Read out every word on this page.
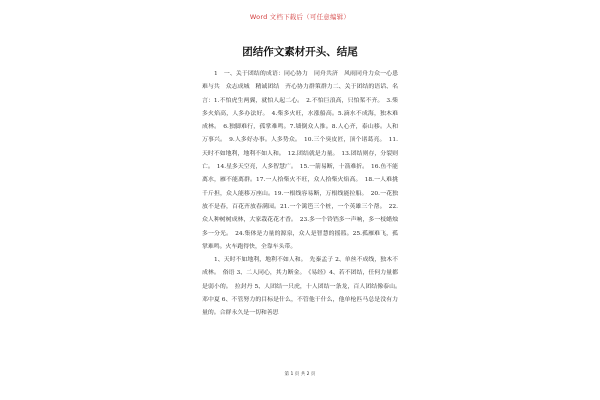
Word 文档下载后（可任意编辑）
团结作文素材开头、结尾

1　一、关于团结的成语：同心协力　同舟共济　风雨同舟力众一心患难与共　众志成城　精诚团结　齐心协力群策群力二、关于团结的语话、名言：1.不怕虎生两翼，就怕人起二心。　2.不怕巨浪高，只怕桨不齐。　3.柴多火焰高，人多办法好。　4.柴多火旺，水涨船高。5.滴水不成海，独木难成林。　6.独脚难行，孤掌难鸣。7.墙倒众人推。8.人心齐，泰山移。人和万事兴。　9.人多好办事。人多势众。　10.三个臭皮匠，顶个诸葛亮。　11.天时不如地利，地利不如人和。　12.团结就是力量。　13.团结则存，分裂则亡。　14.星多天空亮，人多智慧广。　15.一箭易断，十箭难折。　16.鱼不能离水，雁不能离群。17.一人拾柴火不旺，众人拾柴火焰高。　18.一人难挑千斤担，众人能移万座山。19.一根线容易断，万根线能拉船。　20.一花独放不是春，百花齐放春满园。21.一个篱笆三个桩，一个英雄三个帮。　22.众人种树树成林，大家栽花花才香。　23.多一个铃铛多一声响，多一枝蜡烛多一分光。　24.集体是力量的源泉，众人是智慧的摇篮。25.孤雁难飞，孤掌难鸣。火车跑得快，全靠车头带。

1、天时不如地利，地利不如人和。　先秦孟子 2、单丝不成线，独木不成林。　俗语 3、二人同心，其力断金。　《易经》4、若不团结，任何力量都是弱小的。　拉封丹 5、人团结一只虎，十人团结一条龙，百人团结像泰山。　邓中夏 6、不管努力的目标是什么，不管他干什么，他单枪匹马总是没有力量的。合群永久是一切和善思

第 1 页 共 2 页
